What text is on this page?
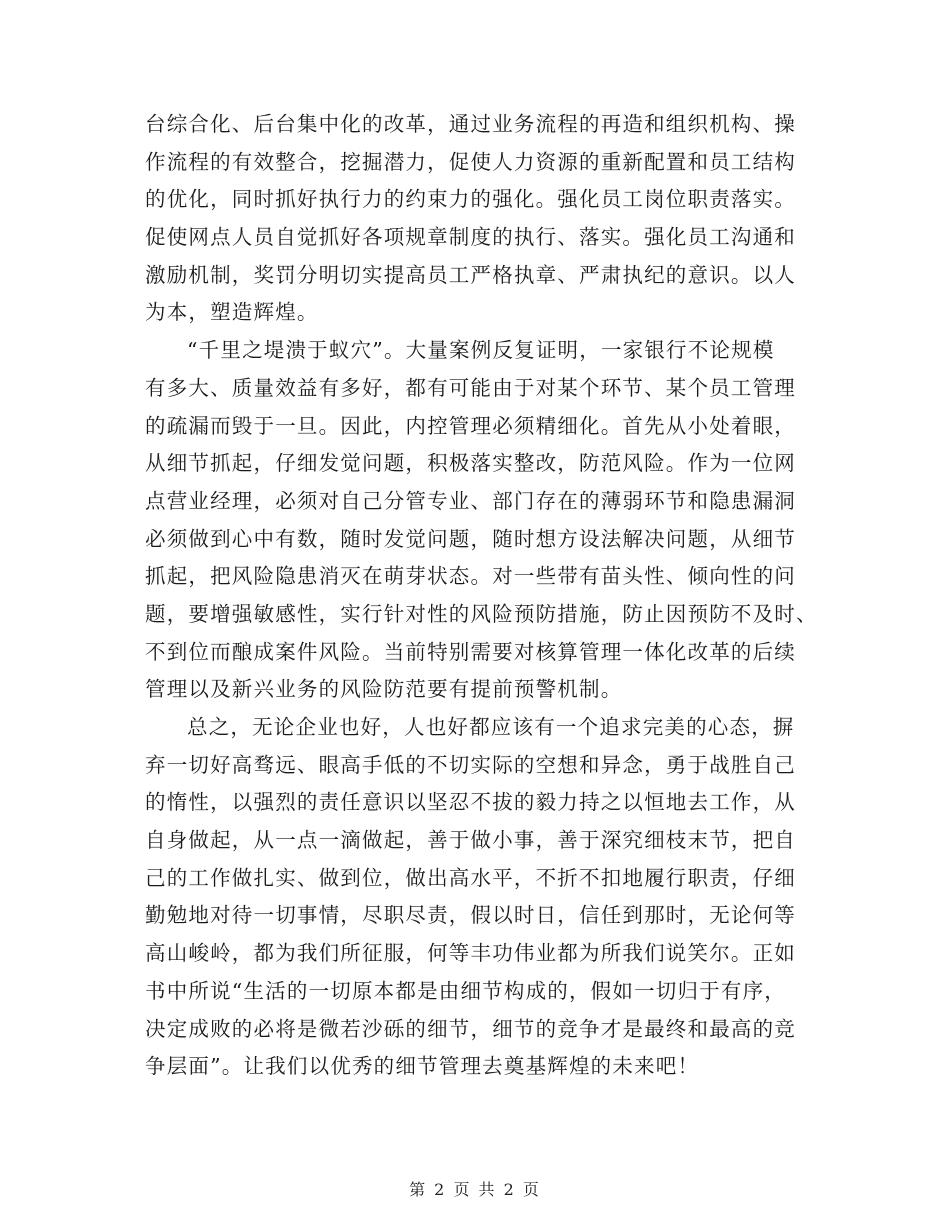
台综合化、后台集中化的改革，通过业务流程的再造和组织机构、操
作流程的有效整合，挖掘潜力，促使人力资源的重新配置和员工结构
的优化，同时抓好执行力的约束力的强化。强化员工岗位职责落实。
促使网点人员自觉抓好各项规章制度的执行、落实。强化员工沟通和
激励机制，奖罚分明切实提高员工严格执章、严肃执纪的意识。以人
为本，塑造辉煌。
“千里之堤溃于蚁穴”。大量案例反复证明，一家银行不论规模
有多大、质量效益有多好，都有可能由于对某个环节、某个员工管理
的疏漏而毁于一旦。因此，内控管理必须精细化。首先从小处着眼，
从细节抓起，仔细发觉问题，积极落实整改，防范风险。作为一位网
点营业经理，必须对自己分管专业、部门存在的薄弱环节和隐患漏洞
必须做到心中有数，随时发觉问题，随时想方设法解决问题，从细节
抓起，把风险隐患消灭在萌芽状态。对一些带有苗头性、倾向性的问
题，要增强敏感性，实行针对性的风险预防措施，防止因预防不及时、
不到位而酿成案件风险。当前特别需要对核算管理一体化改革的后续
管理以及新兴业务的风险防范要有提前预警机制。
总之，无论企业也好，人也好都应该有一个追求完美的心态，摒
弃一切好高骛远、眼高手低的不切实际的空想和异念，勇于战胜自己
的惰性，以强烈的责任意识以坚忍不拔的毅力持之以恒地去工作，从
自身做起，从一点一滴做起，善于做小事，善于深究细枝末节，把自
己的工作做扎实、做到位，做出高水平，不折不扣地履行职责，仔细
勤勉地对待一切事情，尽职尽责，假以时日，信任到那时，无论何等
高山峻岭，都为我们所征服，何等丰功伟业都为所我们说笑尔。正如
书中所说“生活的一切原本都是由细节构成的，假如一切归于有序，
决定成败的必将是微若沙砾的细节，细节的竞争才是最终和最高的竞
争层面”。让我们以优秀的细节管理去奠基辉煌的未来吧！
第 2 页 共 2 页
